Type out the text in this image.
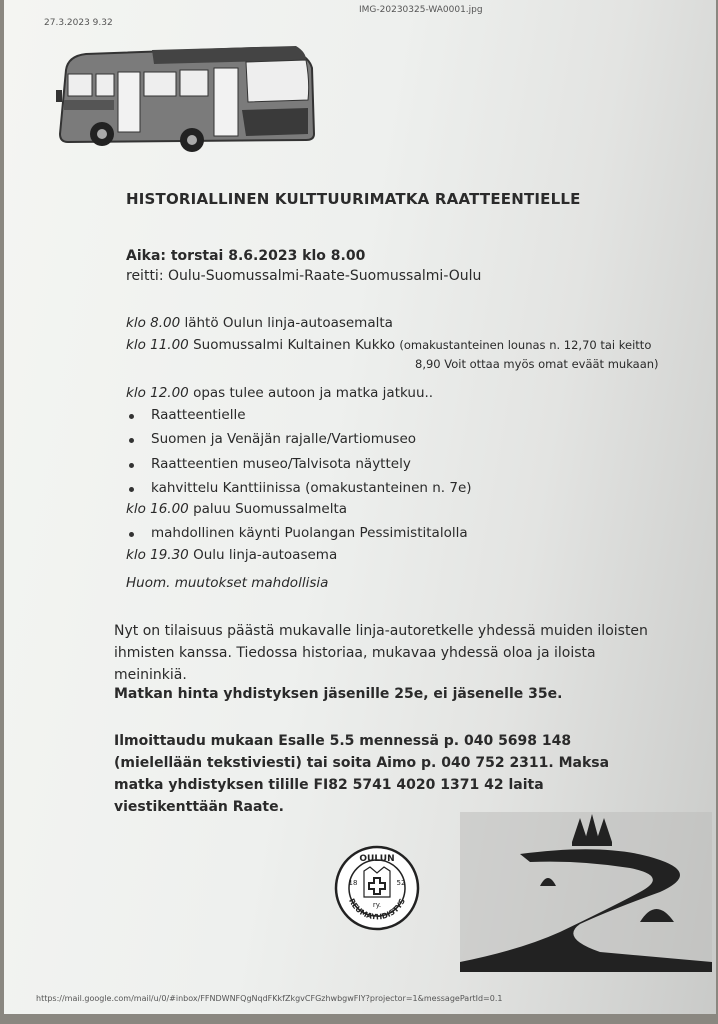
27.3.2023 9.32
IMG-20230325-WA0001.jpg
HISTORIALLINEN KULTTUURIMATKA RAATTEENTIELLE
Aika: torstai 8.6.2023 klo 8.00
reitti: Oulu-Suomussalmi-Raate-Suomussalmi-Oulu
klo 8.00 lähtö Oulun linja-autoasemalta
klo 11.00 Suomussalmi Kultainen Kukko (omakustanteinen lounas n. 12,70 tai keitto
8,90 Voit ottaa myös omat eväät mukaan)
klo 12.00 opas tulee autoon ja matka jatkuu..
Raatteentielle
Suomen ja Venäjän rajalle/Vartiomuseo
Raatteentien museo/Talvisota näyttely
kahvittelu Kanttiinissa (omakustanteinen n. 7e)
klo 16.00 paluu Suomussalmelta
mahdollinen käynti Puolangan Pessimistitalolla
klo 19.30 Oulu linja-autoasema
Huom. muutokset mahdollisia
Nyt on tilaisuus päästä mukavalle linja-autoretkelle yhdessä muiden iloisten ihmisten kanssa. Tiedossa historiaa, mukavaa yhdessä oloa ja iloista meininkiä.
Matkan hinta yhdistyksen jäsenille 25e, ei jäsenelle 35e.
Ilmoittaudu mukaan Esalle 5.5 mennessä p. 040 5698 148 (mielellään tekstiviesti) tai soita Aimo p. 040 752 2311. Maksa matka yhdistyksen tilille FI82 5741 4020 1371 42 laita viestikenttään Raate.
OULUN
18	52
ry.
REUMAYHDISTYS
https://mail.google.com/mail/u/0/#inbox/FFNDWNFQgNqdFKkfZkgvCFGzhwbgwFIY?projector=1&messagePartId=0.1
